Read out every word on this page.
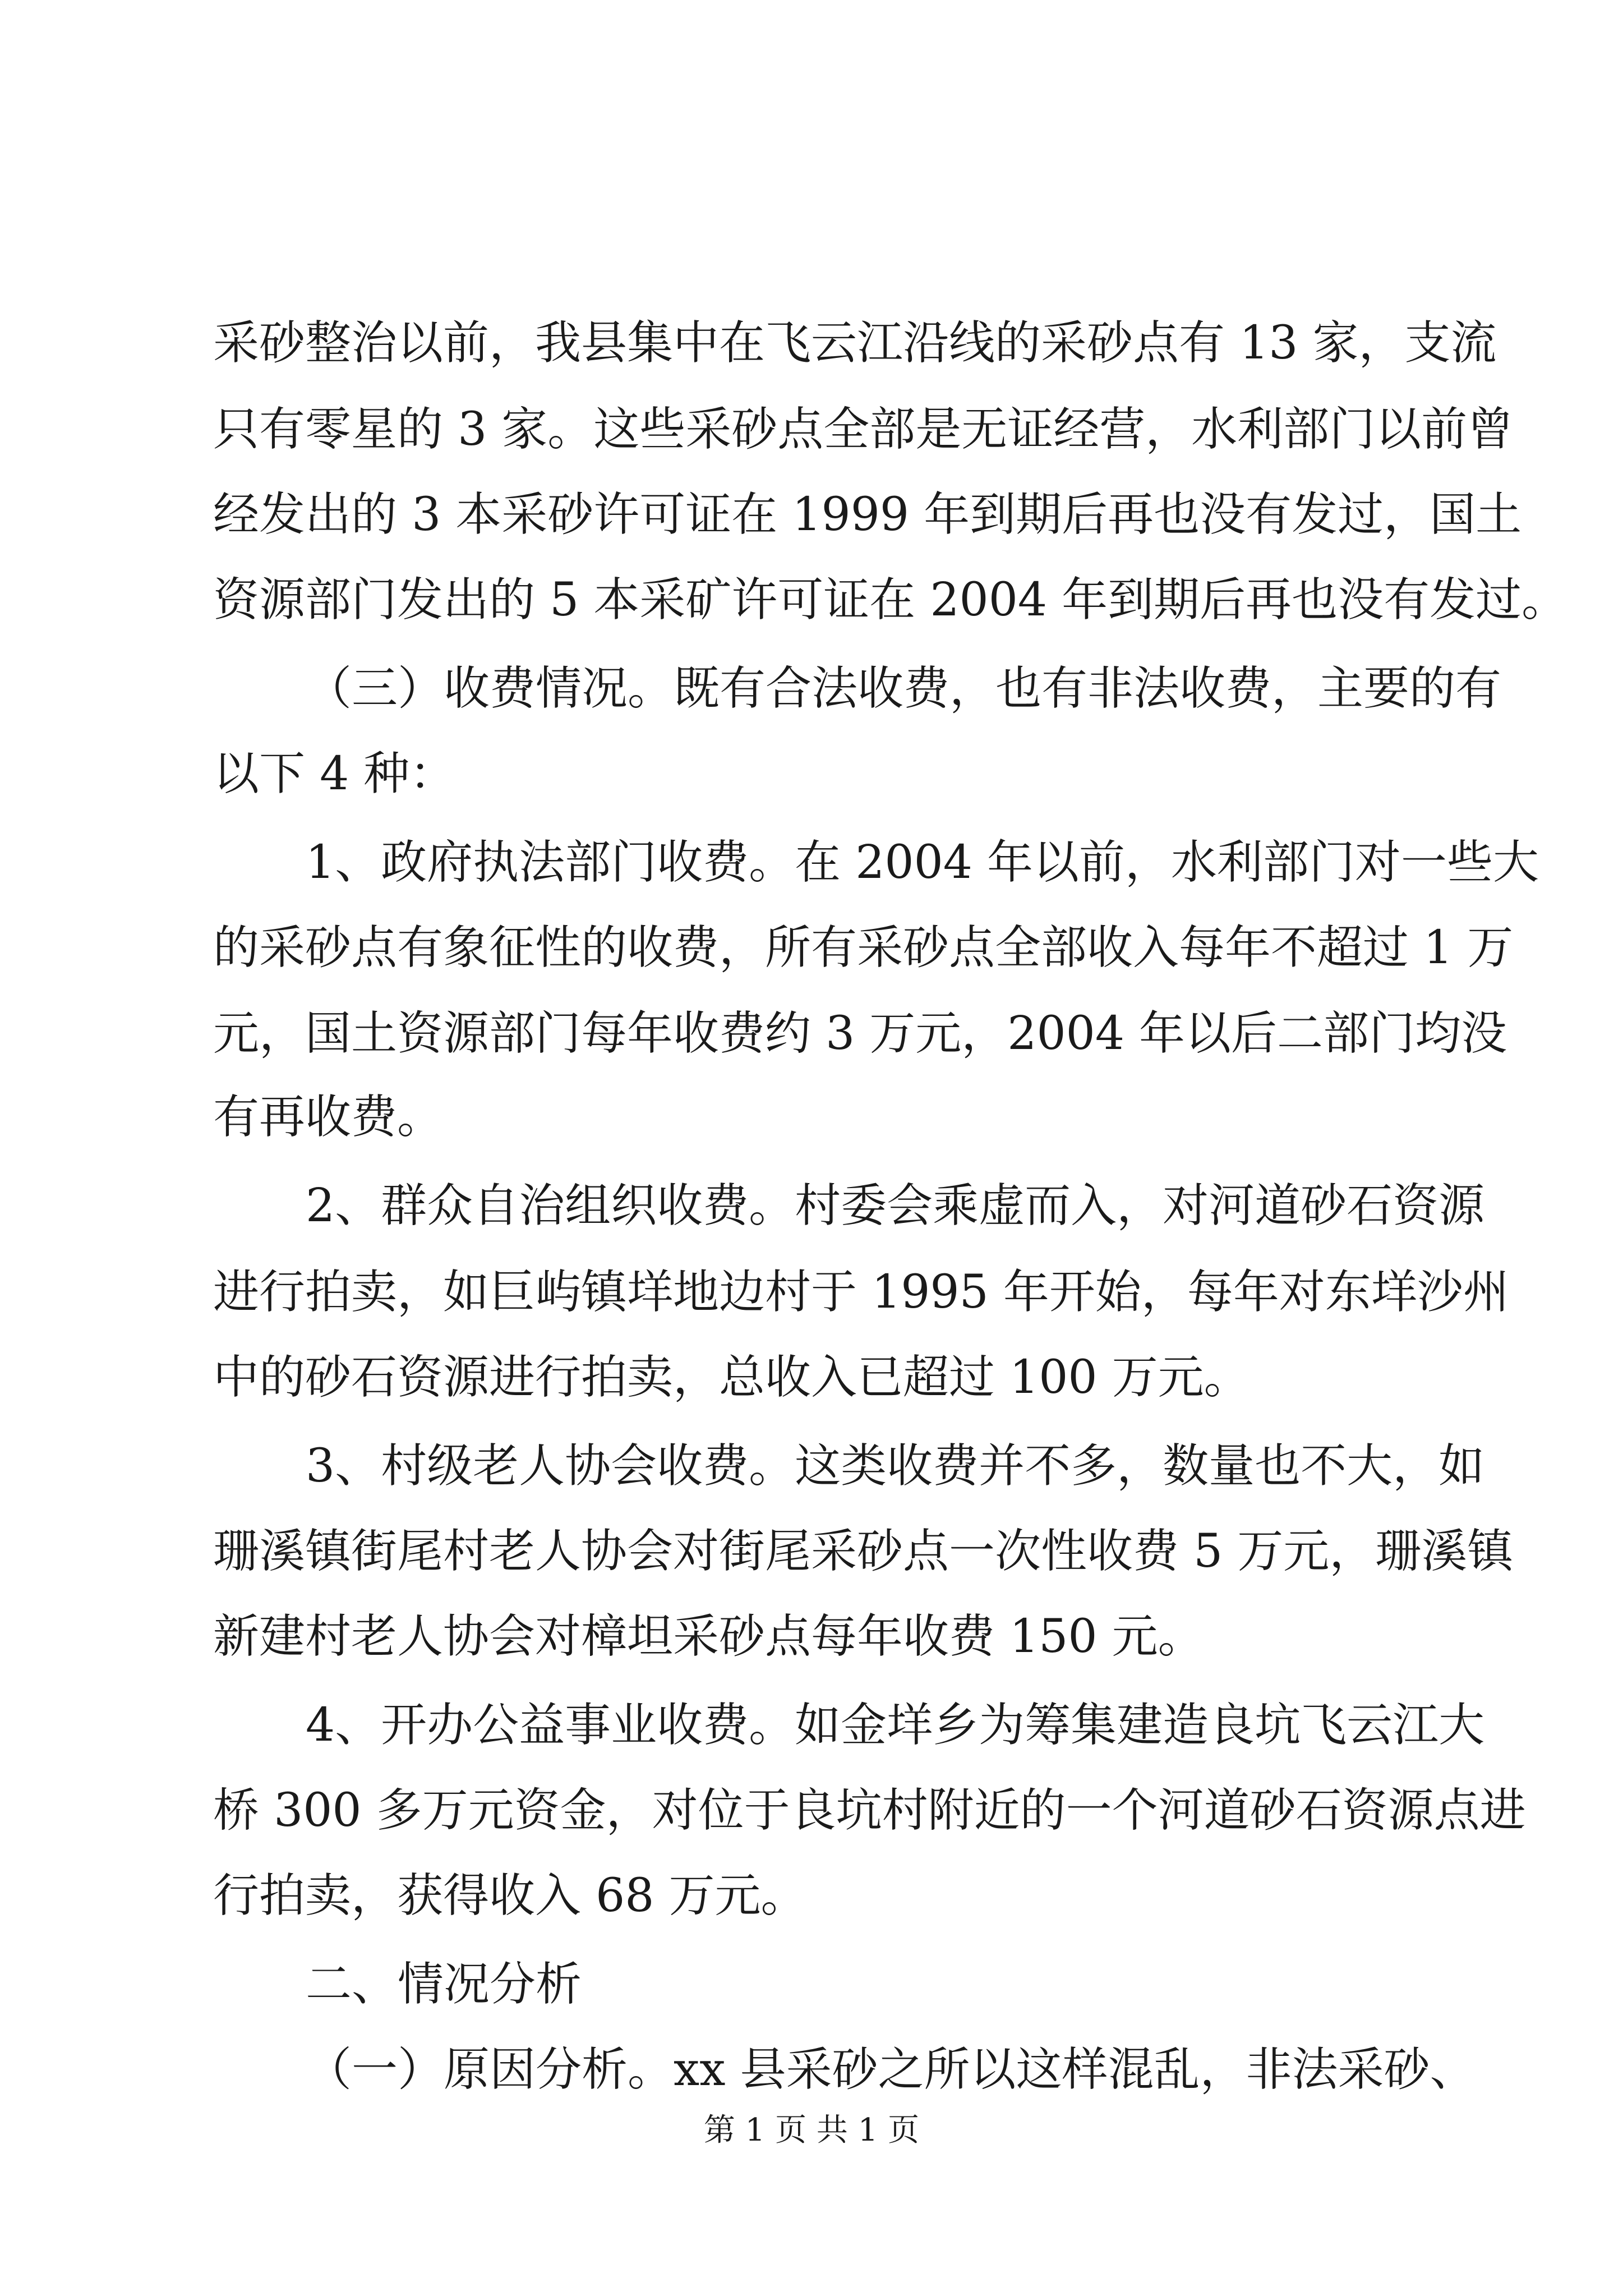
采砂整治以前，我县集中在飞云江沿线的采砂点有 13 家，支流
只有零星的 3 家。这些采砂点全部是无证经营，水利部门以前曾
经发出的 3 本采砂许可证在 1999 年到期后再也没有发过，国土
资源部门发出的 5 本采矿许可证在 2004 年到期后再也没有发过。
（三）收费情况。既有合法收费，也有非法收费，主要的有
以下 4 种：
1、政府执法部门收费。在 2004 年以前，水利部门对一些大
的采砂点有象征性的收费，所有采砂点全部收入每年不超过 1 万
元，国土资源部门每年收费约 3 万元，2004 年以后二部门均没
有再收费。
2、群众自治组织收费。村委会乘虚而入，对河道砂石资源
进行拍卖，如巨屿镇垟地边村于 1995 年开始，每年对东垟沙州
中的砂石资源进行拍卖，总收入已超过 100 万元。
3、村级老人协会收费。这类收费并不多，数量也不大，如
珊溪镇街尾村老人协会对街尾采砂点一次性收费 5 万元，珊溪镇
新建村老人协会对樟坦采砂点每年收费 150 元。
4、开办公益事业收费。如金垟乡为筹集建造良坑飞云江大
桥 300 多万元资金，对位于良坑村附近的一个河道砂石资源点进
行拍卖，获得收入 68 万元。
二、情况分析
（一）原因分析。xx 县采砂之所以这样混乱，非法采砂、
第 1 页 共 1 页
